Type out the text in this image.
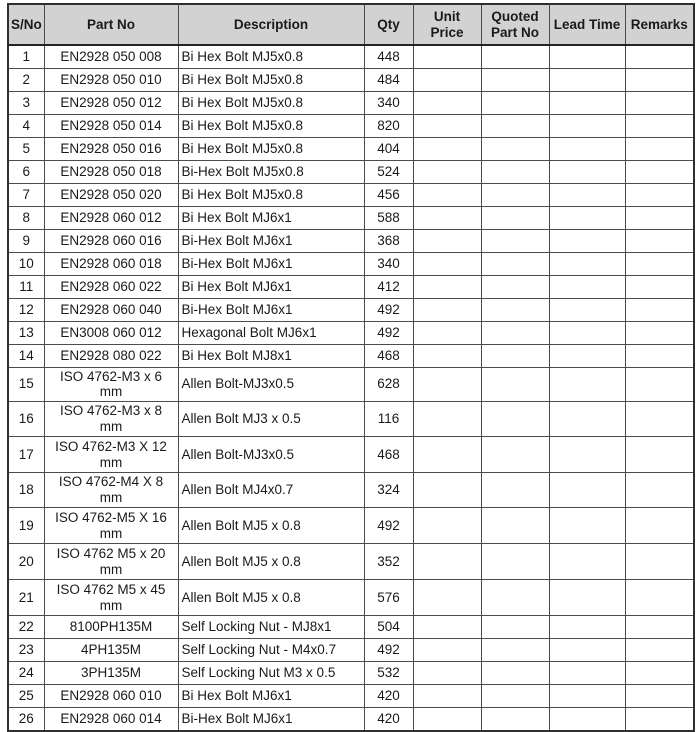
S/No	Part No	Description	Qty	Unit Price	Quoted Part No	Lead Time	Remarks
1	EN2928 050 008	Bi Hex Bolt MJ5x0.8	448				
2	EN2928 050 010	Bi Hex Bolt MJ5x0.8	484				
3	EN2928 050 012	Bi Hex Bolt MJ5x0.8	340				
4	EN2928 050 014	Bi Hex Bolt MJ5x0.8	820				
5	EN2928 050 016	Bi Hex Bolt MJ5x0.8	404				
6	EN2928 050 018	Bi-Hex Bolt MJ5x0.8	524				
7	EN2928 050 020	Bi Hex Bolt MJ5x0.8	456				
8	EN2928 060 012	Bi Hex Bolt MJ6x1	588				
9	EN2928 060 016	Bi-Hex Bolt MJ6x1	368				
10	EN2928 060 018	Bi-Hex Bolt MJ6x1	340				
11	EN2928 060 022	Bi Hex Bolt MJ6x1	412				
12	EN2928 060 040	Bi-Hex Bolt MJ6x1	492				
13	EN3008 060 012	Hexagonal Bolt MJ6x1	492				
14	EN2928 080 022	Bi Hex Bolt MJ8x1	468				
15	ISO 4762-M3 x 6 mm	Allen Bolt-MJ3x0.5	628				
16	ISO 4762-M3 x 8 mm	Allen Bolt MJ3 x 0.5	116				
17	ISO 4762-M3 X 12 mm	Allen Bolt-MJ3x0.5	468				
18	ISO 4762-M4 X 8 mm	Allen Bolt MJ4x0.7	324				
19	ISO 4762-M5 X 16 mm	Allen Bolt MJ5 x 0.8	492				
20	ISO 4762 M5 x 20 mm	Allen Bolt MJ5 x 0.8	352				
21	ISO 4762 M5 x 45 mm	Allen Bolt MJ5 x 0.8	576				
22	8100PH135M	Self Locking Nut - MJ8x1	504				
23	4PH135M	Self Locking Nut - M4x0.7	492				
24	3PH135M	Self Locking Nut M3 x 0.5	532				
25	EN2928 060 010	Bi Hex Bolt MJ6x1	420				
26	EN2928 060 014	Bi-Hex Bolt MJ6x1	420				
